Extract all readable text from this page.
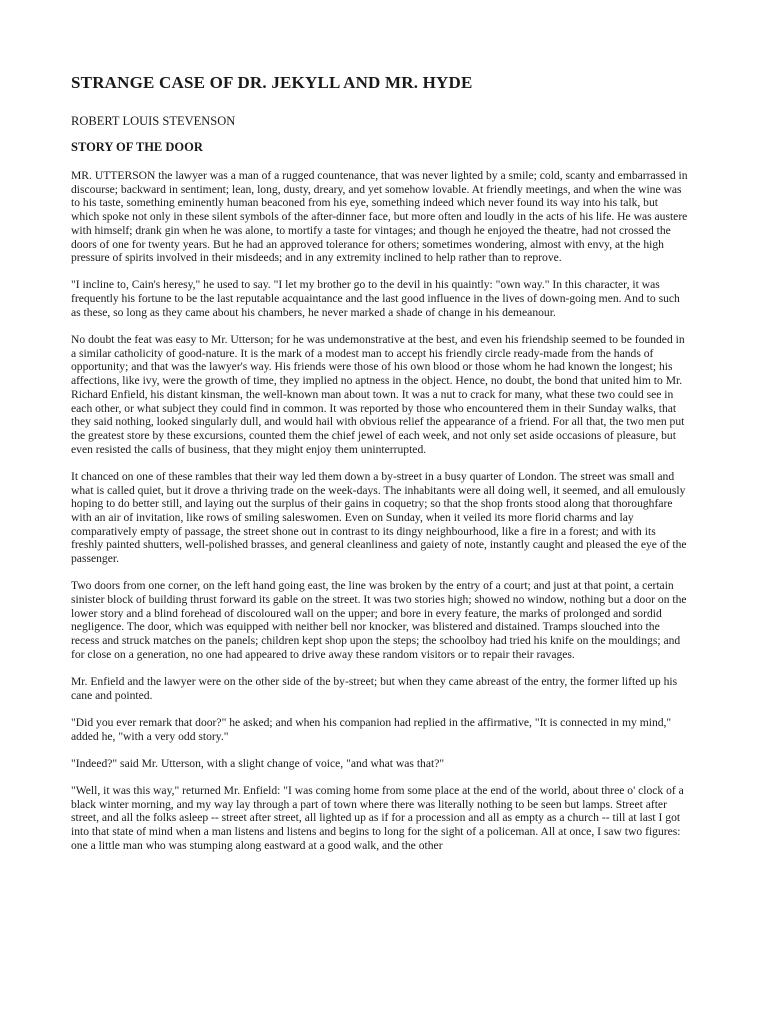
STRANGE CASE OF DR. JEKYLL AND MR. HYDE

ROBERT LOUIS STEVENSON

STORY OF THE DOOR

MR. UTTERSON the lawyer was a man of a rugged countenance, that was never lighted by a smile; cold, scanty and embarrassed in discourse; backward in sentiment; lean, long, dusty, dreary, and yet somehow lovable. At friendly meetings, and when the wine was to his taste, something eminently human beaconed from his eye, something indeed which never found its way into his talk, but which spoke not only in these silent symbols of the after-dinner face, but more often and loudly in the acts of his life. He was austere with himself; drank gin when he was alone, to mortify a taste for vintages; and though he enjoyed the theatre, had not crossed the doors of one for twenty years. But he had an approved tolerance for others; sometimes wondering, almost with envy, at the high pressure of spirits involved in their misdeeds; and in any extremity inclined to help rather than to reprove.

"I incline to, Cain's heresy," he used to say. "I let my brother go to the devil in his quaintly: "own way." In this character, it was frequently his fortune to be the last reputable acquaintance and the last good influence in the lives of down-going men. And to such as these, so long as they came about his chambers, he never marked a shade of change in his demeanour.

No doubt the feat was easy to Mr. Utterson; for he was undemonstrative at the best, and even his friendship seemed to be founded in a similar catholicity of good-nature. It is the mark of a modest man to accept his friendly circle ready-made from the hands of opportunity; and that was the lawyer's way. His friends were those of his own blood or those whom he had known the longest; his affections, like ivy, were the growth of time, they implied no aptness in the object. Hence, no doubt, the bond that united him to Mr. Richard Enfield, his distant kinsman, the well-known man about town. It was a nut to crack for many, what these two could see in each other, or what subject they could find in common. It was reported by those who encountered them in their Sunday walks, that they said nothing, looked singularly dull, and would hail with obvious relief the appearance of a friend. For all that, the two men put the greatest store by these excursions, counted them the chief jewel of each week, and not only set aside occasions of pleasure, but even resisted the calls of business, that they might enjoy them uninterrupted.

It chanced on one of these rambles that their way led them down a by-street in a busy quarter of London. The street was small and what is called quiet, but it drove a thriving trade on the week-days. The inhabitants were all doing well, it seemed, and all emulously hoping to do better still, and laying out the surplus of their gains in coquetry; so that the shop fronts stood along that thoroughfare with an air of invitation, like rows of smiling saleswomen. Even on Sunday, when it veiled its more florid charms and lay comparatively empty of passage, the street shone out in contrast to its dingy neighbourhood, like a fire in a forest; and with its freshly painted shutters, well-polished brasses, and general cleanliness and gaiety of note, instantly caught and pleased the eye of the passenger.

Two doors from one corner, on the left hand going east, the line was broken by the entry of a court; and just at that point, a certain sinister block of building thrust forward its gable on the street. It was two stories high; showed no window, nothing but a door on the lower story and a blind forehead of discoloured wall on the upper; and bore in every feature, the marks of prolonged and sordid negligence. The door, which was equipped with neither bell nor knocker, was blistered and distained. Tramps slouched into the recess and struck matches on the panels; children kept shop upon the steps; the schoolboy had tried his knife on the mouldings; and for close on a generation, no one had appeared to drive away these random visitors or to repair their ravages.

Mr. Enfield and the lawyer were on the other side of the by-street; but when they came abreast of the entry, the former lifted up his cane and pointed.

"Did you ever remark that door?" he asked; and when his companion had replied in the affirmative, "It is connected in my mind," added he, "with a very odd story."

"Indeed?" said Mr. Utterson, with a slight change of voice, "and what was that?"

"Well, it was this way," returned Mr. Enfield: "I was coming home from some place at the end of the world, about three o' clock of a black winter morning, and my way lay through a part of town where there was literally nothing to be seen but lamps. Street after street, and all the folks asleep -- street after street, all lighted up as if for a procession and all as empty as a church -- till at last I got into that state of mind when a man listens and listens and begins to long for the sight of a policeman. All at once, I saw two figures: one a little man who was stumping along eastward at a good walk, and the other
